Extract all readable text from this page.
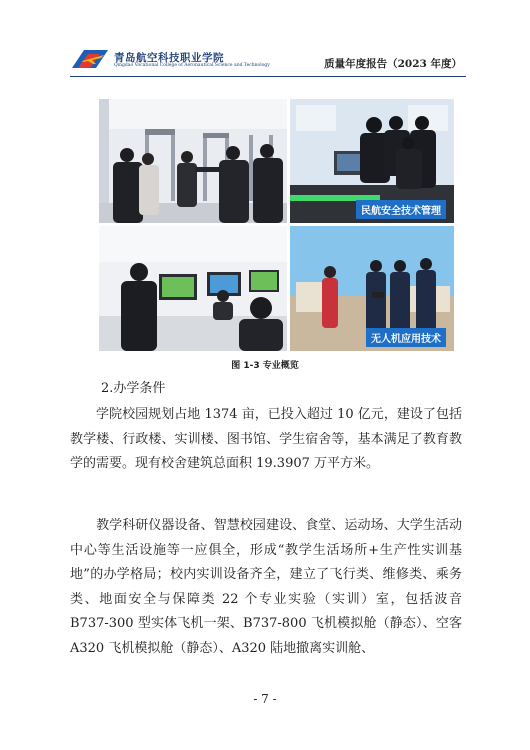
青岛航空科技职业学院
Qingdao Vocational College of Aeronautical Science and Technology	质量年度报告（2023 年度）
民航安全技术管理
无人机应用技术
图 1-3 专业概览
2.办学条件
学院校园规划占地 1374 亩，已投入超过 10 亿元，建设了包括教学楼、行政楼、实训楼、图书馆、学生宿舍等，基本满足了教育教学的需要。现有校舍建筑总面积 19.3907 万平方米。
教学科研仪器设备、智慧校园建设、食堂、运动场、大学生活动中心等生活设施等一应俱全，形成“教学生活场所+生产性实训基地”的办学格局；校内实训设备齐全，建立了飞行类、维修类、乘务类、地面安全与保障类 22 个专业实验（实训）室，包括波音 B737-300 型实体飞机一架、B737-800 飞机模拟舱（静态）、空客 A320 飞机模拟舱（静态）、A320 陆地撤离实训舱、
- 7 -
